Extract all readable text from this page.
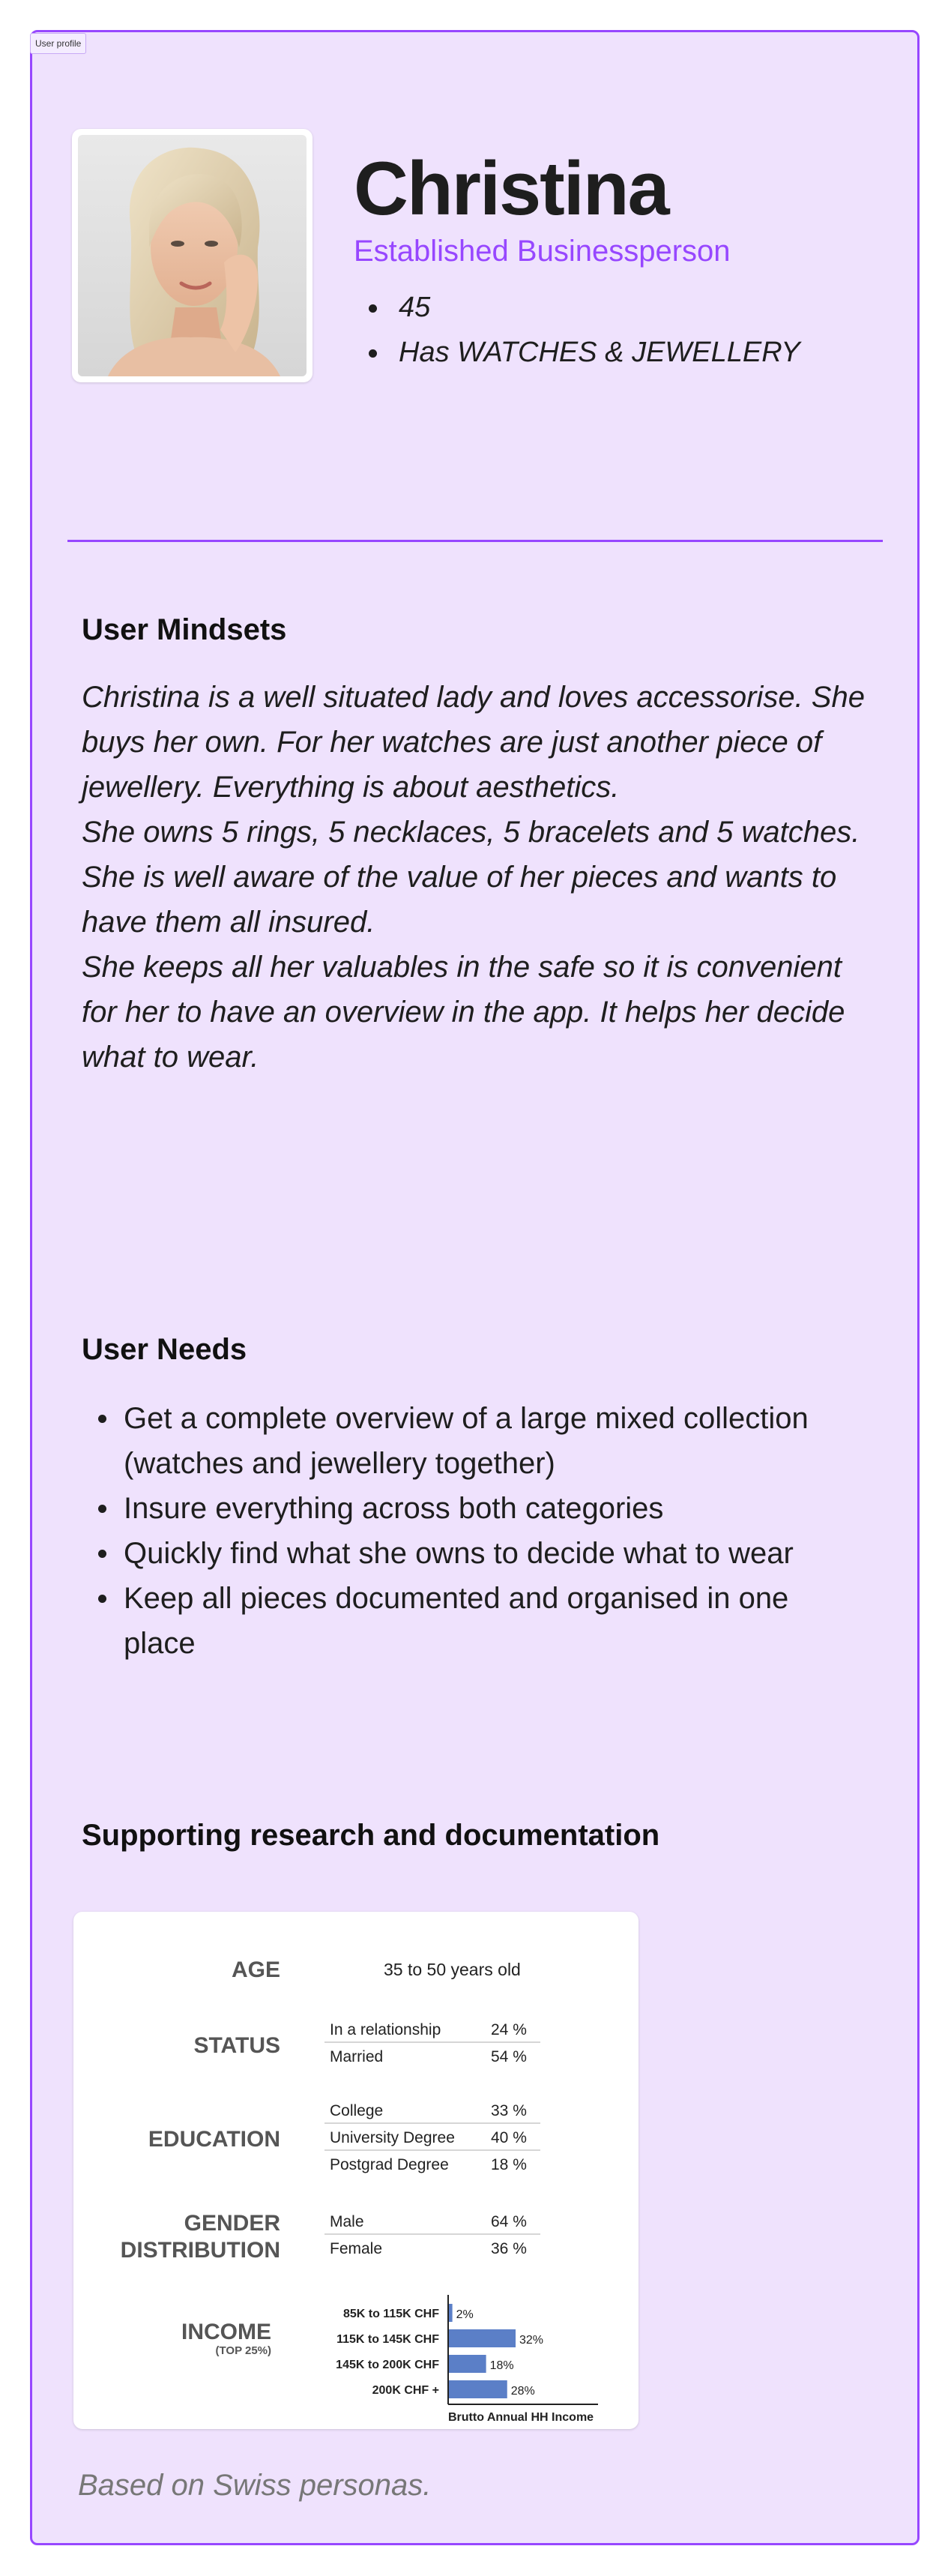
User profile
Christina
Established Businessperson
45
Has WATCHES & JEWELLERY
User Mindsets

Christina is a well situated lady and loves accessorise. She buys her own. For her watches are just another piece of jewellery. Everything is about aesthetics.

She owns 5 rings, 5 necklaces, 5 bracelets and 5 watches. She is well aware of the value of her pieces and wants to have them all insured.

She keeps all her valuables in the safe so it is convenient for her to have an overview in the app. It helps her decide what to wear.

User Needs
Get a complete overview of a large mixed collection (watches and jewellery together)
Insure everything across both categories
Quickly find what she owns to decide what to wear
Keep all pieces documented and organised in one place
Supporting research and documentation
AGE	35 to 50 years old
STATUS
In a relationship	24 %
Married	54 %
EDUCATION
College	33 %
University Degree 40 %
Postgrad Degree	18 %
GENDER
DISTRIBUTION
Male	64 %
Female	36 %
INCOME
(TOP 25%)
85K to 115K CHF 2%
115K to 145K CHF	32%
145K to 200K CHF	18%
200K CHF +	28%
Brutto Annual HH Income
Based on Swiss personas.
